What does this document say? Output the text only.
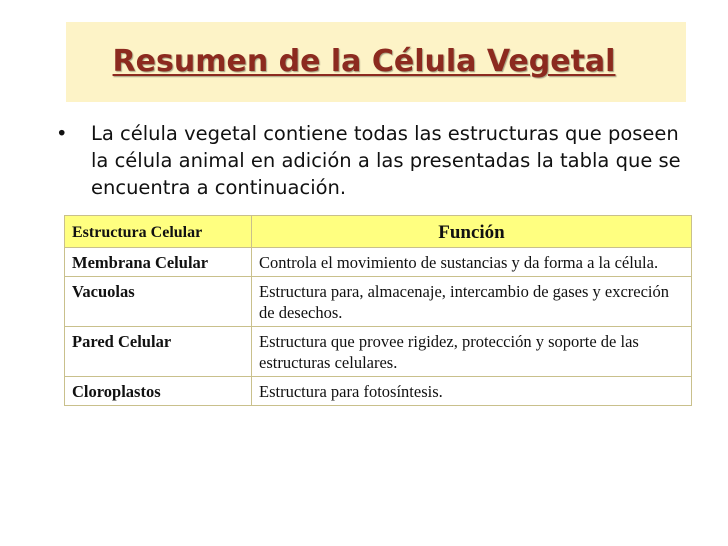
Resumen de la Célula Vegetal
• La célula vegetal contiene todas las estructuras que poseen la célula animal en adición a las presentadas la tabla que se encuentra a continuación.
Estructura Celular	Función
Membrana Celular	Controla el movimiento de sustancias y da forma a la célula.
Vacuolas	Estructura para, almacenaje, intercambio de gases y excreción de desechos.
Pared Celular	Estructura que provee rigidez, protección y soporte de las estructuras celulares.
Cloroplastos	Estructura para fotosíntesis.
